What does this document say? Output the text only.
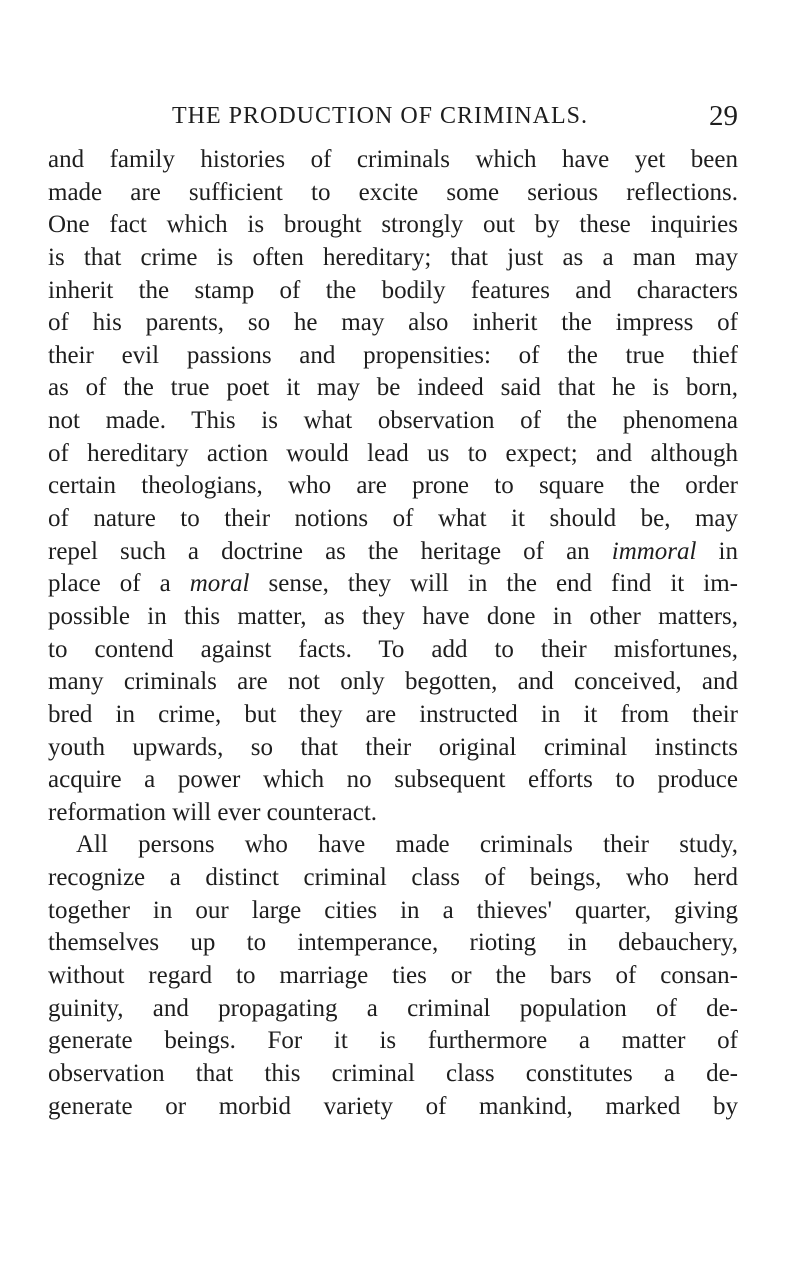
THE PRODUCTION OF CRIMINALS.	29
and family histories of criminals which have yet been
made are sufficient to excite some serious reflections.
One fact which is brought strongly out by these inquiries
is that crime is often hereditary; that just as a man may
inherit the stamp of the bodily features and characters
of his parents, so he may also inherit the impress of
their evil passions and propensities: of the true thief
as of the true poet it may be indeed said that he is born,
not made. This is what observation of the phenomena
of hereditary action would lead us to expect; and although
certain theologians, who are prone to square the order
of nature to their notions of what it should be, may
repel such a doctrine as the heritage of an immoral in
place of a moral sense, they will in the end find it im-
possible in this matter, as they have done in other matters,
to contend against facts. To add to their misfortunes,
many criminals are not only begotten, and conceived, and
bred in crime, but they are instructed in it from their
youth upwards, so that their original criminal instincts
acquire a power which no subsequent efforts to produce
reformation will ever counteract.
All persons who have made criminals their study,
recognize a distinct criminal class of beings, who herd
together in our large cities in a thieves' quarter, giving
themselves up to intemperance, rioting in debauchery,
without regard to marriage ties or the bars of consan-
guinity, and propagating a criminal population of de-
generate beings. For it is furthermore a matter of
observation that this criminal class constitutes a de-
generate or morbid variety of mankind, marked by
